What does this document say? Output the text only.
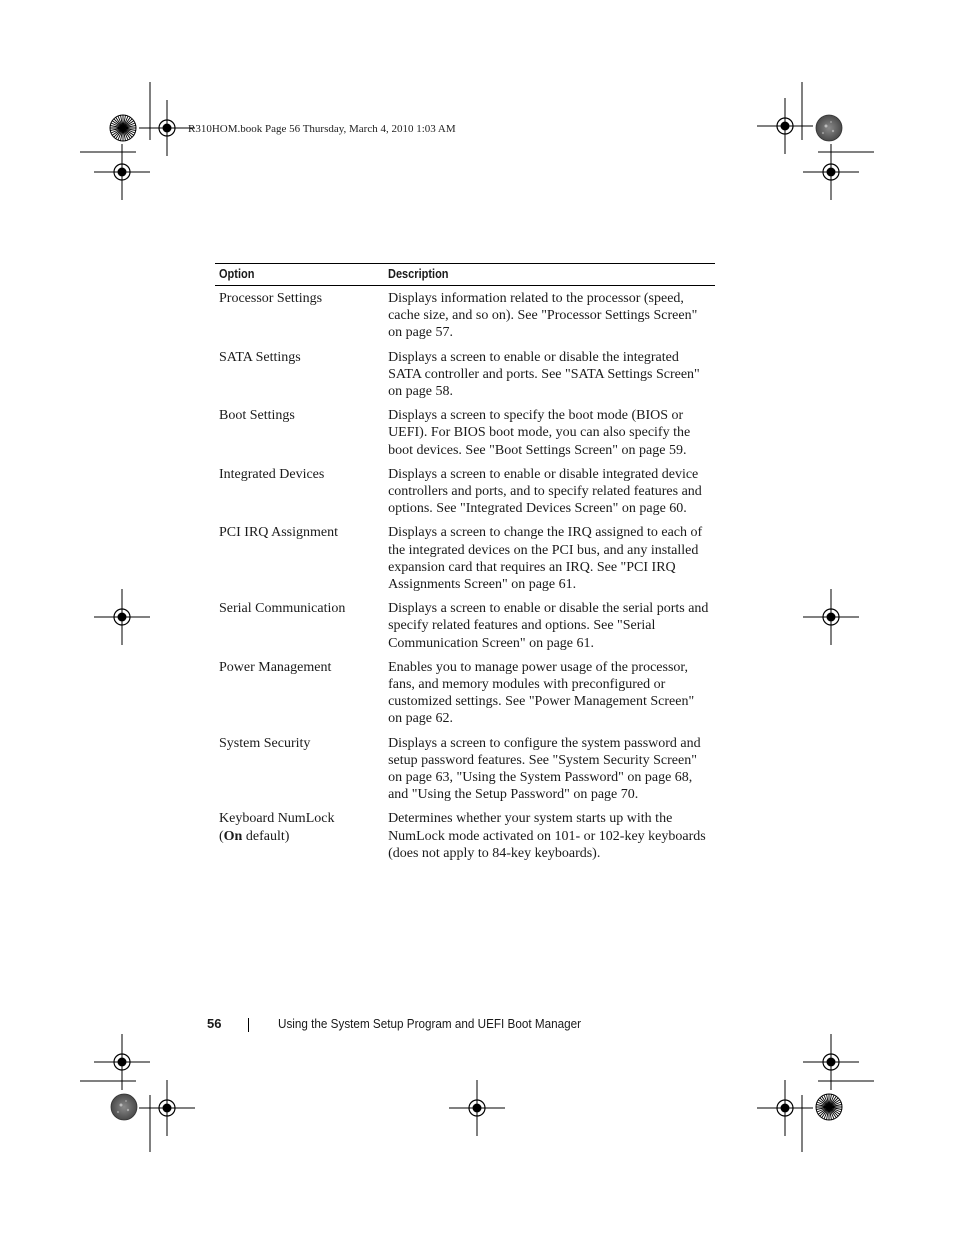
R310HOM.book Page 56 Thursday, March 4, 2010 1:03 AM
Option	Description
Processor Settings	Displays information related to the processor (speed, cache size, and so on). See "Processor Settings Screen" on page 57.
SATA Settings	Displays a screen to enable or disable the integrated SATA controller and ports. See "SATA Settings Screen" on page 58.
Boot Settings	Displays a screen to specify the boot mode (BIOS or UEFI). For BIOS boot mode, you can also specify the boot devices. See "Boot Settings Screen" on page 59.
Integrated Devices	Displays a screen to enable or disable integrated device controllers and ports, and to specify related features and options. See "Integrated Devices Screen" on page 60.
PCI IRQ Assignment	Displays a screen to change the IRQ assigned to each of the integrated devices on the PCI bus, and any installed expansion card that requires an IRQ. See "PCI IRQ Assignments Screen" on page 61.
Serial Communication	Displays a screen to enable or disable the serial ports and specify related features and options. See "Serial Communication Screen" on page 61.
Power Management	Enables you to manage power usage of the processor, fans, and memory modules with preconfigured or customized settings. See "Power Management Screen" on page 62.
System Security	Displays a screen to configure the system password and setup password features. See "System Security Screen" on page 63, "Using the System Password" on page 68, and "Using the Setup Password" on page 70.
Keyboard NumLock
(On default)	Determines whether your system starts up with the NumLock mode activated on 101- or 102-key keyboards (does not apply to 84-key keyboards).
56	Using the System Setup Program and UEFI Boot Manager
